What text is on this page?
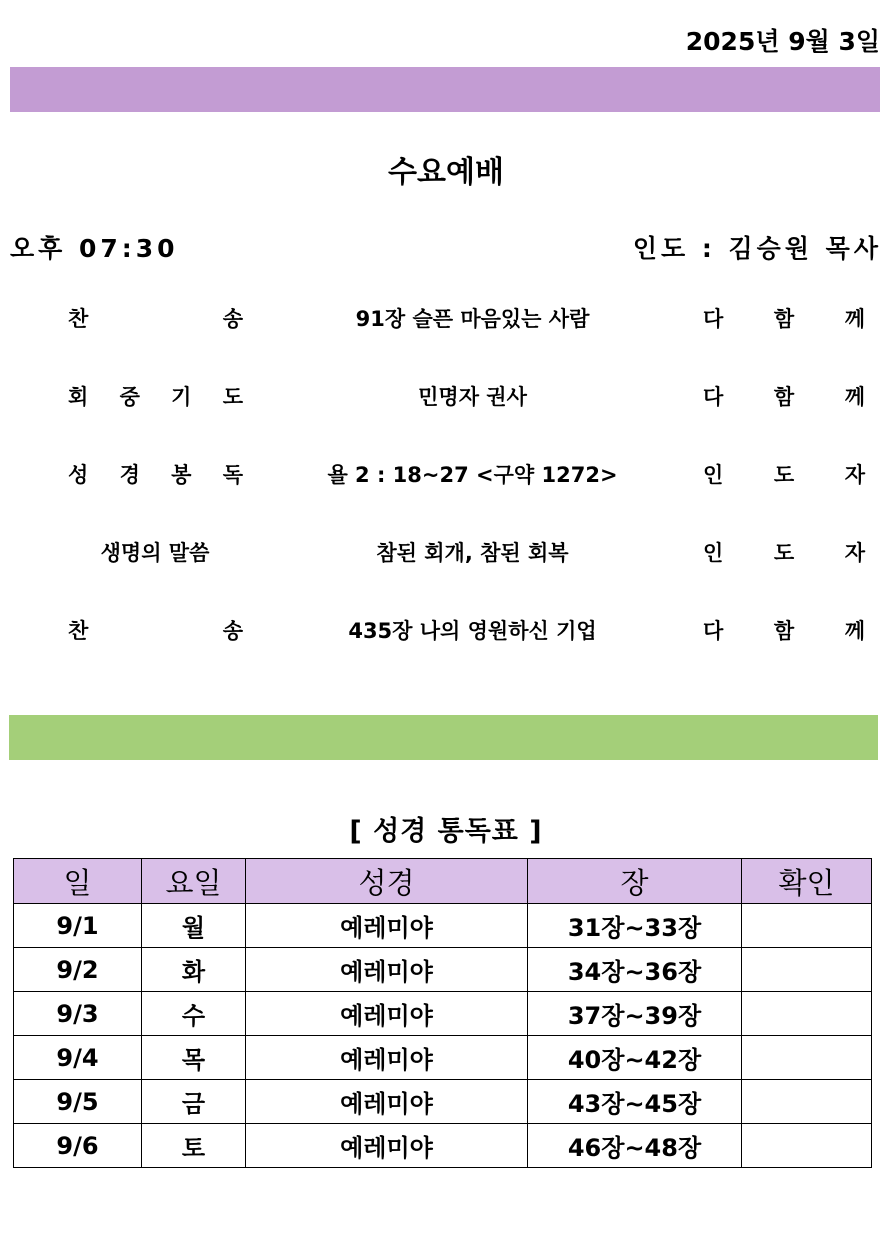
2025년 9월 3일
수요예배
오후 07:30	인도 : 김승원 목사
찬	송	91장 슬픈 마음있는 사람	다 함 께
회 중 기 도	민명자 권사	다 함 께
성 경 봉 독	욜 2 : 18~27 <구약 1272>	인 도 자
생명의 말씀	참된 회개, 참된 회복	인 도 자
찬	송	435장 나의 영원하신 기업	다 함 께
[ 성경 통독표 ]
일	요일	성경	장	확인
9/1	월	예레미야	31장~33장	
9/2	화	예레미야	34장~36장	
9/3	수	예레미야	37장~39장	
9/4	목	예레미야	40장~42장	
9/5	금	예레미야	43장~45장	
9/6	토	예레미야	46장~48장	
